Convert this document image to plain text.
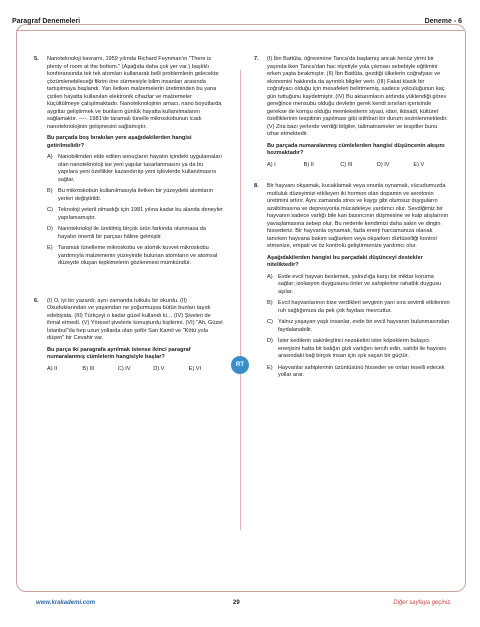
Paragraf Denemeleri	Deneme - 6
RT
5. Nanoteknoloji kavramı, 1959 yılında Richard Feynman'ın "There is plenty of room at the bottom." (Aşağıda daha çok yer var.) başlıklı konferansında tek tek atomları kullanarak belli problemlerin gelecekte çözümlenebileceği fikrini öne sürmesiyle bilim insanları arasında tartışılmaya başlandı. Yarı iletken malzemelerin üretiminden bu yana çizilen hayatta kullanılan elektronik cihazlar ve malzemeler küçültülmeye çalışılmaktadır. Nanoteknolojinin amacı, nano boyutlarda aygıtlar geliştirmek ve bunların günlük hayatta kullanılmalarını sağlamaktır. ----. 1981'de taramalı tünelle mikroskobunun icadı nanoteknolojinin gelişmesini sağlamıştır.

Bu parçada boş bırakılan yere aşağıdakilerden hangisi getirilmelidir?

A) Nanobilimden elde edilen sonuçların hayatın içindeki uygulamaları olan nanoteknoloji ise yeni yapılar tasarlanmasını ya da bu yapılara yeni özellikler kazandırılıp yeni işlevlerde kullanılmasını sağlar.
B) Bu mikroskobun kullanılmasıyla iletken bir yüzeydeki atomların yerleri değiştirildi.
C) Teknoloji yeterli olmadığı için 1981 yılına kadar bu alanda deneyler yapılamamıştır.
D) Nanoteknoloji ile üretilmiş birçok ürün farkında olunmasa da hayatın önemli bir parçası hâline gelmiştir.
E) Taramalı tünelleme mikroskobu ve atomik kuvvet mikroskobu yardımıyla malzemenin yüzeyinde bulunan atomların ve atomsal düzeyde oluşan tepkimelerin gözlenmesi mümkündür.
6. (I) O, iyi bir yazardı; aynı zamanda tutkulu bir okurdu. (II) Okuduklarından ve yaşamdan ne yoğurmuşsa bütün bunları taşıdı edebiyata. (III) Türkçeyi o kadar güzel kullandı ki… (IV) Şiveleri de ihmal etmedi. (V) Yöresel şivelerle konuşturdu kişilerini. (VI) "Ah, Güzel İstanbul"da hep uzun yollarda olan şoför San Kamil ve "Kötü yola düşen" bir Cevahir var.

Bu parça iki paragrafa ayrılmak istense ikinci paragraf numaralanmış cümlelerin hangisiyle başlar?

A) II	B) III	C) IV	D) V	E) VI
7. (I) İbn Battûta, öğrenimine Tanca'da başlamış ancak henüz yirmi bir yaşında iken Tanca'dan hac niyetiyle yola çıkması sebebiyle eğitimini erken yaşta bırakmıştır. (II) İbn Battûta, gezdiği ülkelerin coğrafyası ve ekonomisi hakkında da ayrıntılı bilgiler verir. (III) Fakat klasik bir coğrafyacı olduğu için mesafeleri belirtmemiş, sadece yolculuğunun kaç gün tuttuğunu kaydetmiştir. (IV) Bu aktarımların ardında yüklendiği görev gereğince mensubu olduğu devletin gerek kendi sınırları içerisinde gereksе de komşu olduğu memleketlerin siyasi, idari, iktisadi, kültürel özelliklerinin tespitinin yapılması gibi istihbari bir durum sezinlenmektedir. (V) Zira bazı yerlerde verdiği bilgiler, talimatnameler ve tespitler bunu izhar etmektedir.

Bu parçada numaralanmış cümlelerden hangisi düşüncenin akışını bozmaktadır?

A) I	B) II	C) III	D) IV	E) V
8. Bir hayvanı okşamak, kucaklamak veya onunla oynamak, vücudumuzda mutluluk düzeyimizi etkileyen iki hormon olan dopamin ve serotonin üretimini artırır. Aynı zamanda stres ve kaygı gibi olumsuz duyguların azaltılmasına ve depresyonla mücadeleye yardımcı olur. Sevdiğimiz bir hayvanın sadece varlığı bile kan basıncının düşmesine ve kalp atışlarının yavaşlamasına sebep olur. Bu nedenle kendimizi daha sakin ve dingin hissederiz. Bir hayvanla oynamak, fazla enerji harcamanıza olanak tanırken hayvana bakım sağlarken veya okşarken dürtüselliği kontrol etmenize, empati ve öz kontrolü geliştirmenize yardımcı olur.

Aşağıdakilerden hangisi bu parçadaki düşünceyi destekler niteliktedir?

A) Evde evcil hayvan beslemek, yalnızlığa karşı bir miktar koruma sağlar; izolasyon duygusunu önler ve sahiplerine rahatlık duygusu aşılar.
B) Evcil hayvanlarının bize verdikleri sevginin yanı sıra sevimli etkilerinin ruh sağlığımıza da pek çok faydası mevcuttur.
C) Yalnız yaşayan yaşlı insanlar, evde bir evcil hayvanın bulunmasından faydalanabilir.
D) İster kedilerin sakinleştirici nezaketini ister köpeklerin bulaşıcı enerjisini hatta bir balığın gizli varlığını tercih edin, sahibi ile hayvanı arasındaki bağ birçok insan için ışık saçan bir güçtür.
E) Hayvanlar sahiplerinin üzüntüsünü hisseder ve onları teselli edecek yollar arar.
www.krakademi.com	29	Diğer sayfaya geçiniz.
